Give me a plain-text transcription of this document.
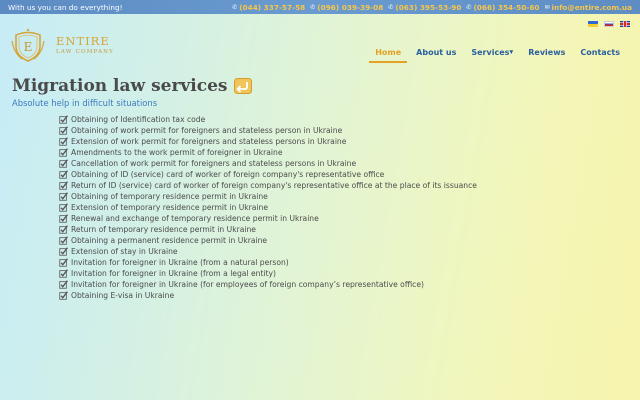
With us you can do everything!	✆ (044) 337-57-58 ✆ (096) 039-39-08 ✆ (063) 395-53-90 ✆ (066) 354-50-60 ✉ info@entire.com.ua
E ENTIRE
LAW COMPANY	Home	About us	Services▼	Reviews	Contacts
Migration law services
Absolute help in difficult situations
Obtaining of Identification tax code
Obtaining of work permit for foreigners and stateless person in Ukraine
Extension of work permit for foreigners and stateless persons in Ukraine
Amendments to the work permit of foreigner in Ukraine
Cancellation of work permit for foreigners and stateless persons in Ukraine
Obtaining of ID (service) card of worker of foreign company's representative office
Return of ID (service) card of worker of foreign company's representative office at the place of its issuance
Obtaining of temporary residence permit in Ukraine
Extension of temporary residence permit in Ukraine
Renewal and exchange of temporary residence permit in Ukraine
Return of temporary residence permit in Ukraine
Obtaining a permanent residence permit in Ukraine
Extension of stay in Ukraine
Invitation for foreigner in Ukraine (from a natural person)
Invitation for foreigner in Ukraine (from a legal entity)
Invitation for foreigner in Ukraine (for employees of foreign company’s representative office)
Obtaining E-visa in Ukraine
